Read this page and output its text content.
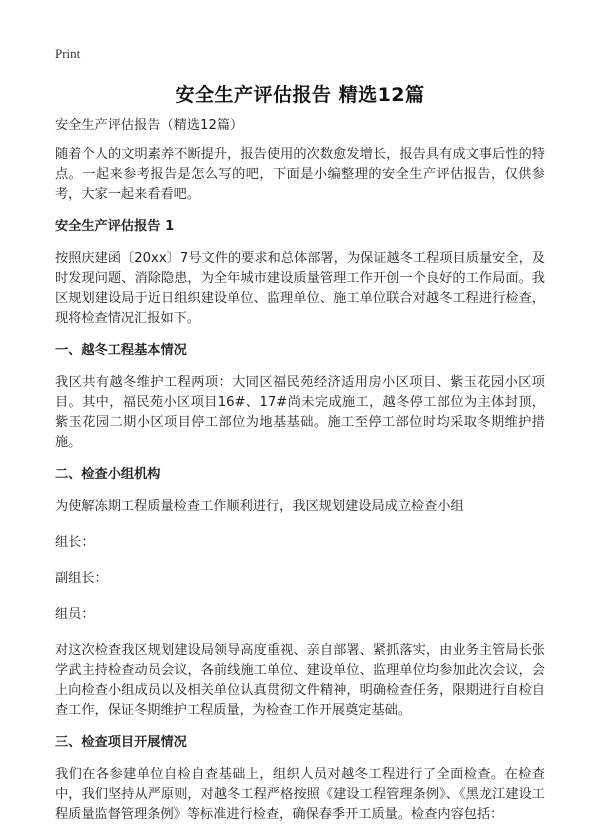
Print
安全生产评估报告 精选12篇

安全生产评估报告（精选12篇）

随着个人的文明素养不断提升，报告使用的次数愈发增长，报告具有成文事后性的特点。一起来参考报告是怎么写的吧，下面是小编整理的安全生产评估报告，仅供参考，大家一起来看看吧。

安全生产评估报告 1

按照庆建函〔20xx〕7号文件的要求和总体部署，为保证越冬工程项目质量安全，及时发现问题、消除隐患，为全年城市建设质量管理工作开创一个良好的工作局面。我区规划建设局于近日组织建设单位、监理单位、施工单位联合对越冬工程进行检查，现将检查情况汇报如下。

一、越冬工程基本情况

我区共有越冬维护工程两项：大同区福民苑经济适用房小区项目、紫玉花园小区项目。其中，福民苑小区项目16#、17#尚未完成施工，越冬停工部位为主体封顶，紫玉花园二期小区项目停工部位为地基基础。施工至停工部位时均采取冬期维护措施。

二、检查小组机构

为使解冻期工程质量检查工作顺利进行，我区规划建设局成立检查小组

组长：

副组长：

组员：

对这次检查我区规划建设局领导高度重视、亲自部署、紧抓落实，由业务主管局长张学武主持检查动员会议，各前线施工单位、建设单位、监理单位均参加此次会议，会上向检查小组成员以及相关单位认真贯彻文件精神，明确检查任务，限期进行自检自查工作，保证冬期维护工程质量，为检查工作开展奠定基础。

三、检查项目开展情况

我们在各参建单位自检自查基础上，组织人员对越冬工程进行了全面检查。在检查中，我们坚持从严原则，对越冬工程严格按照《建设工程管理条例》、《黑龙江建设工程质量监督管理条例》等标准进行检查，确保春季开工质量。检查内容包括：
